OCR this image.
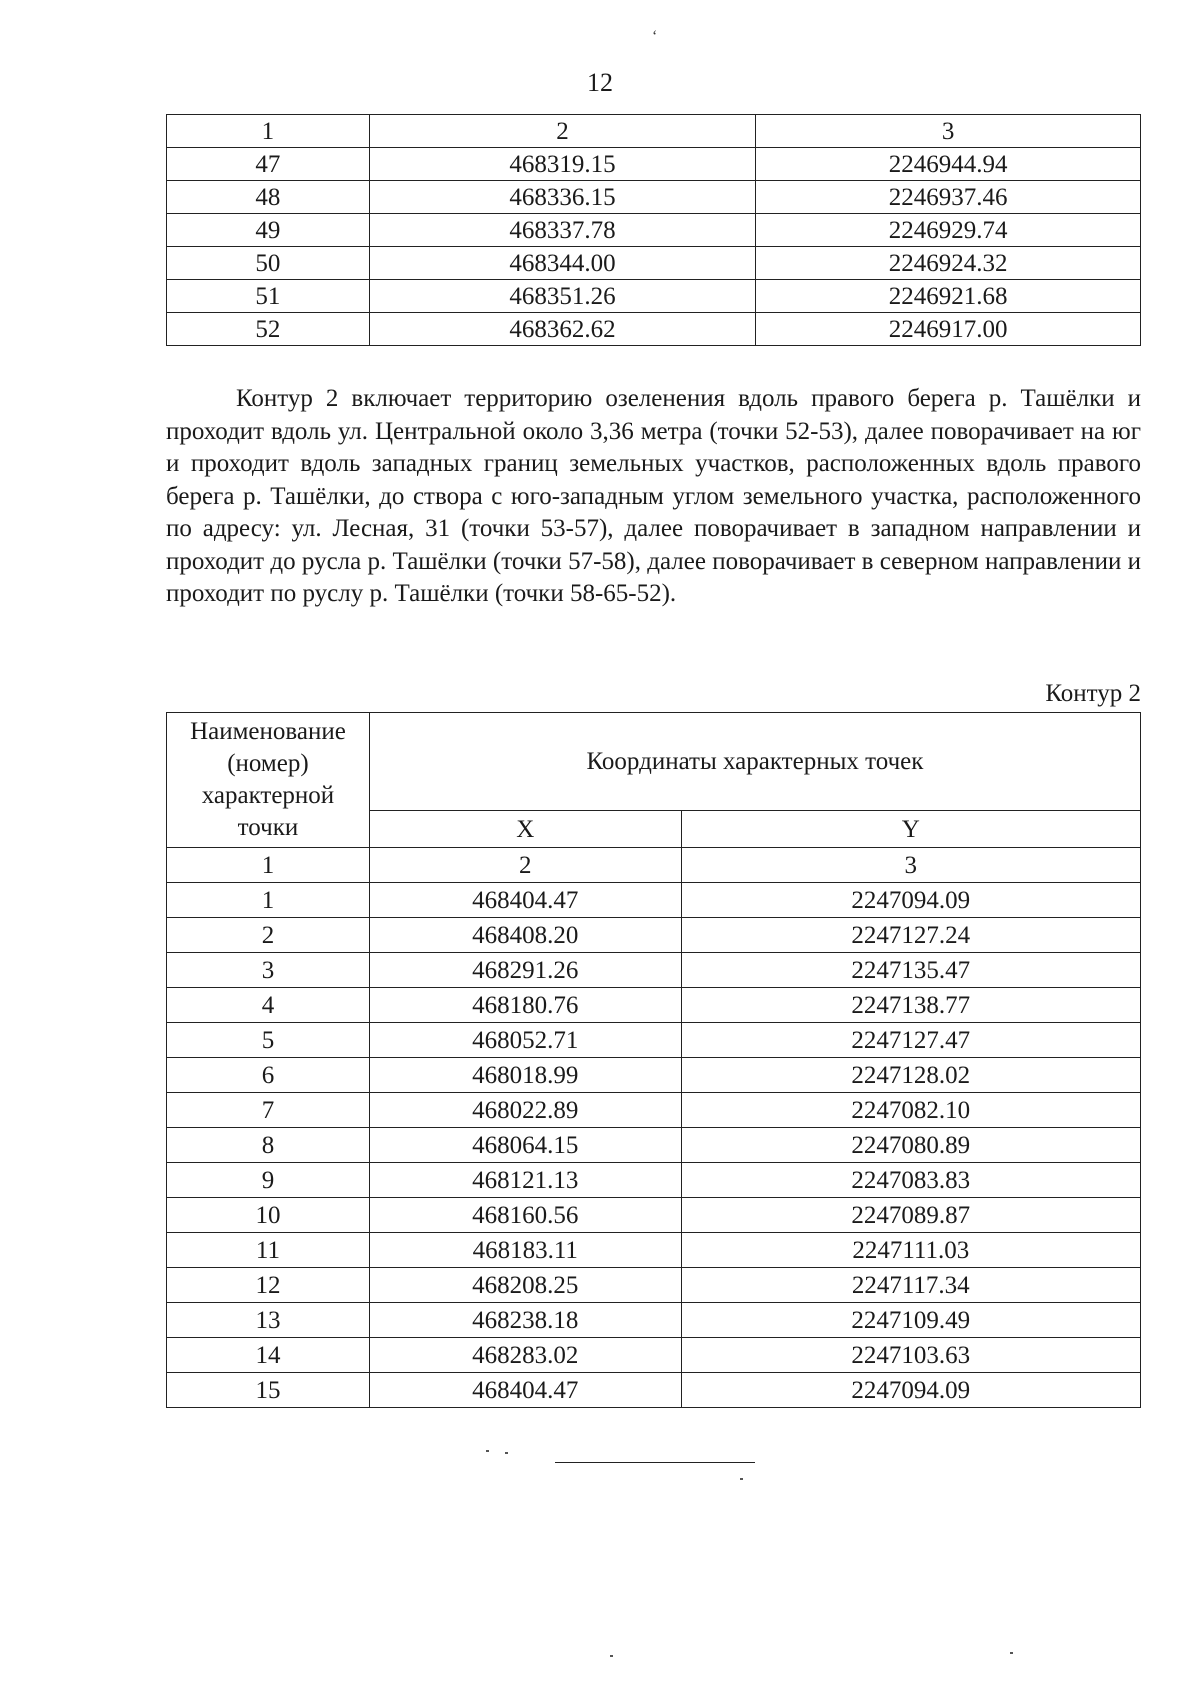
‘
12
1	2	3
47	468319.15	2246944.94
48	468336.15	2246937.46
49	468337.78	2246929.74
50	468344.00	2246924.32
51	468351.26	2246921.68
52	468362.62	2246917.00

Контур 2 включает территорию озеленения вдоль правого берега р. Ташёлки и проходит вдоль ул. Центральной около 3,36 метра (точки 52-53), далее поворачивает на юг и проходит вдоль западных границ земельных участков, расположенных вдоль правого берега р. Ташёлки, до створа с юго-западным углом земельного участка, расположенного по адресу: ул. Лесная, 31 (точки 53-57), далее поворачивает в западном направлении и проходит до русла р. Ташёлки (точки 57-58), далее поворачивает в северном направлении и проходит по руслу р. Ташёлки (точки 58-65-52).

Контур 2
Наименование
(номер)
характерной
точки	Координаты характерных точек	
	X	Y
1	2	3
1	468404.47	2247094.09
2	468408.20	2247127.24
3	468291.26	2247135.47
4	468180.76	2247138.77
5	468052.71	2247127.47
6	468018.99	2247128.02
7	468022.89	2247082.10
8	468064.15	2247080.89
9	468121.13	2247083.83
10	468160.56	2247089.87
11	468183.11	2247111.03
12	468208.25	2247117.34
13	468238.18	2247109.49
14	468283.02	2247103.63
15	468404.47	2247094.09
